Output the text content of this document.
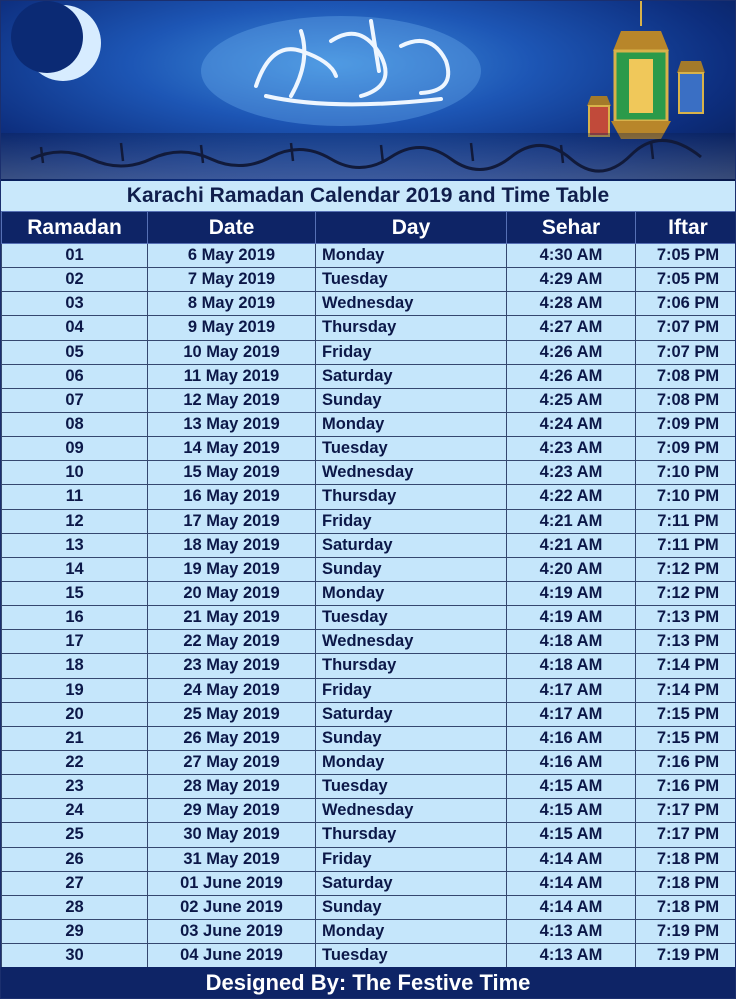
Karachi Ramadan Calendar 2019 and Time Table
Ramadan	Date	Day	Sehar	Iftar
01	6 May 2019	Monday	4:30 AM	7:05 PM
02	7 May 2019	Tuesday	4:29 AM	7:05 PM
03	8 May 2019	Wednesday	4:28 AM	7:06 PM
04	9 May 2019	Thursday	4:27 AM	7:07 PM
05	10 May 2019	Friday	4:26 AM	7:07 PM
06	11 May 2019	Saturday	4:26 AM	7:08 PM
07	12 May 2019	Sunday	4:25 AM	7:08 PM
08	13 May 2019	Monday	4:24 AM	7:09 PM
09	14 May 2019	Tuesday	4:23 AM	7:09 PM
10	15 May 2019	Wednesday	4:23 AM	7:10 PM
11	16 May 2019	Thursday	4:22 AM	7:10 PM
12	17 May 2019	Friday	4:21 AM	7:11 PM
13	18 May 2019	Saturday	4:21 AM	7:11 PM
14	19 May 2019	Sunday	4:20 AM	7:12 PM
15	20 May 2019	Monday	4:19 AM	7:12 PM
16	21 May 2019	Tuesday	4:19 AM	7:13 PM
17	22 May 2019	Wednesday	4:18 AM	7:13 PM
18	23 May 2019	Thursday	4:18 AM	7:14 PM
19	24 May 2019	Friday	4:17 AM	7:14 PM
20	25 May 2019	Saturday	4:17 AM	7:15 PM
21	26 May 2019	Sunday	4:16 AM	7:15 PM
22	27 May 2019	Monday	4:16 AM	7:16 PM
23	28 May 2019	Tuesday	4:15 AM	7:16 PM
24	29 May 2019	Wednesday	4:15 AM	7:17 PM
25	30 May 2019	Thursday	4:15 AM	7:17 PM
26	31 May 2019	Friday	4:14 AM	7:18 PM
27	01 June 2019	Saturday	4:14 AM	7:18 PM
28	02 June 2019	Sunday	4:14 AM	7:18 PM
29	03 June 2019	Monday	4:13 AM	7:19 PM
30	04 June 2019	Tuesday	4:13 AM	7:19 PM
Designed By: The Festive Time
